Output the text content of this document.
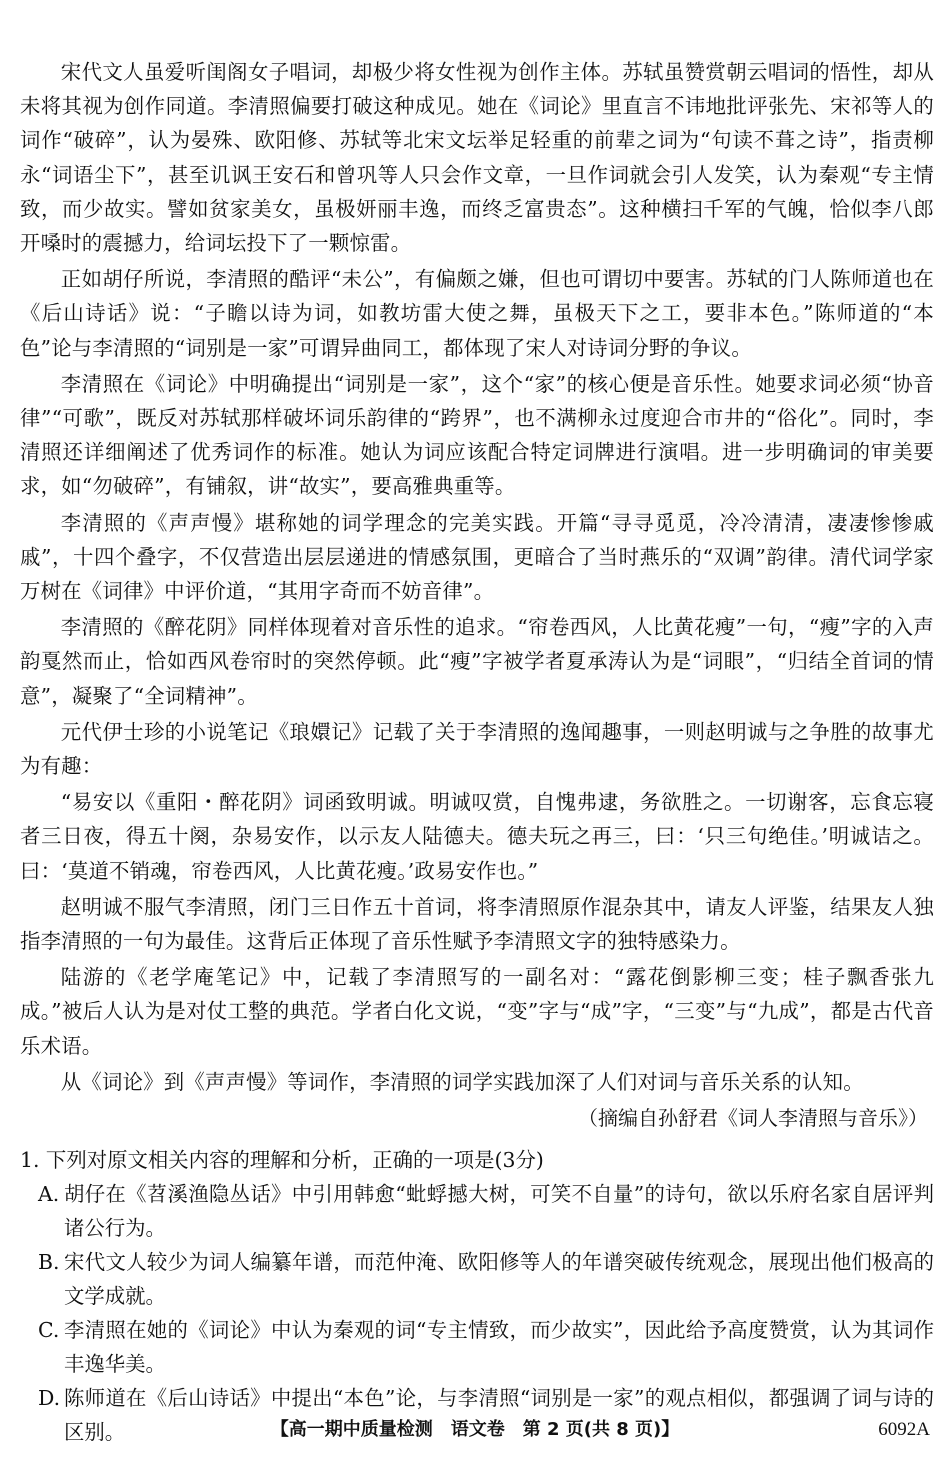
宋代文人虽爱听闺阁女子唱词，却极少将女性视为创作主体。苏轼虽赞赏朝云唱词的悟性，却从未将其视为创作同道。李清照偏要打破这种成见。她在《词论》里直言不讳地批评张先、宋祁等人的词作“破碎”，认为晏殊、欧阳修、苏轼等北宋文坛举足轻重的前辈之词为“句读不葺之诗”，指责柳永“词语尘下”，甚至讥讽王安石和曾巩等人只会作文章，一旦作词就会引人发笑，认为秦观“专主情致，而少故实。譬如贫家美女，虽极妍丽丰逸，而终乏富贵态”。这种横扫千军的气魄，恰似李八郎开嗓时的震撼力，给词坛投下了一颗惊雷。

正如胡仔所说，李清照的酷评“未公”，有偏颇之嫌，但也可谓切中要害。苏轼的门人陈师道也在《后山诗话》说：“子瞻以诗为词，如教坊雷大使之舞，虽极天下之工，要非本色。”陈师道的“本色”论与李清照的“词别是一家”可谓异曲同工，都体现了宋人对诗词分野的争议。

李清照在《词论》中明确提出“词别是一家”，这个“家”的核心便是音乐性。她要求词必须“协音律”“可歌”，既反对苏轼那样破坏词乐韵律的“跨界”，也不满柳永过度迎合市井的“俗化”。同时，李清照还详细阐述了优秀词作的标准。她认为词应该配合特定词牌进行演唱。进一步明确词的审美要求，如“勿破碎”，有铺叙，讲“故实”，要高雅典重等。

李清照的《声声慢》堪称她的词学理念的完美实践。开篇“寻寻觅觅，冷冷清清，凄凄惨惨戚戚”，十四个叠字，不仅营造出层层递进的情感氛围，更暗合了当时燕乐的“双调”韵律。清代词学家万树在《词律》中评价道，“其用字奇而不妨音律”。

李清照的《醉花阴》同样体现着对音乐性的追求。“帘卷西风，人比黄花瘦”一句，“瘦”字的入声韵戛然而止，恰如西风卷帘时的突然停顿。此“瘦”字被学者夏承涛认为是“词眼”，“归结全首词的情意”，凝聚了“全词精神”。

元代伊士珍的小说笔记《琅嬛记》记载了关于李清照的逸闻趣事，一则赵明诚与之争胜的故事尤为有趣：

“易安以《重阳・醉花阴》词函致明诚。明诚叹赏，自愧弗逮，务欲胜之。一切谢客，忘食忘寝者三日夜，得五十阕，杂易安作，以示友人陆德夫。德夫玩之再三，曰：‘只三句绝佳。’明诚诘之。曰：‘莫道不销魂，帘卷西风，人比黄花瘦。’政易安作也。”

赵明诚不服气李清照，闭门三日作五十首词，将李清照原作混杂其中，请友人评鉴，结果友人独指李清照的一句为最佳。这背后正体现了音乐性赋予李清照文字的独特感染力。

陆游的《老学庵笔记》中，记载了李清照写的一副名对：“露花倒影柳三变；桂子飘香张九成。”被后人认为是对仗工整的典范。学者白化文说，“变”字与“成”字，“三变”与“九成”，都是古代音乐术语。

从《词论》到《声声慢》等词作，李清照的词学实践加深了人们对词与音乐关系的认知。

（摘编自孙舒君《词人李清照与音乐》）

1. 下列对原文相关内容的理解和分析，正确的一项是(3分)
A. 胡仔在《苕溪渔隐丛话》中引用韩愈“蚍蜉撼大树，可笑不自量”的诗句，欲以乐府名家自居评判诸公行为。
B. 宋代文人较少为词人编纂年谱，而范仲淹、欧阳修等人的年谱突破传统观念，展现出他们极高的文学成就。
C. 李清照在她的《词论》中认为秦观的词“专主情致，而少故实”，因此给予高度赞赏，认为其词作丰逸华美。
D. 陈师道在《后山诗话》中提出“本色”论，与李清照“词别是一家”的观点相似，都强调了词与诗的区别。	【高一期中质量检测　语文卷　第 2 页(共 8 页)】	6092A
